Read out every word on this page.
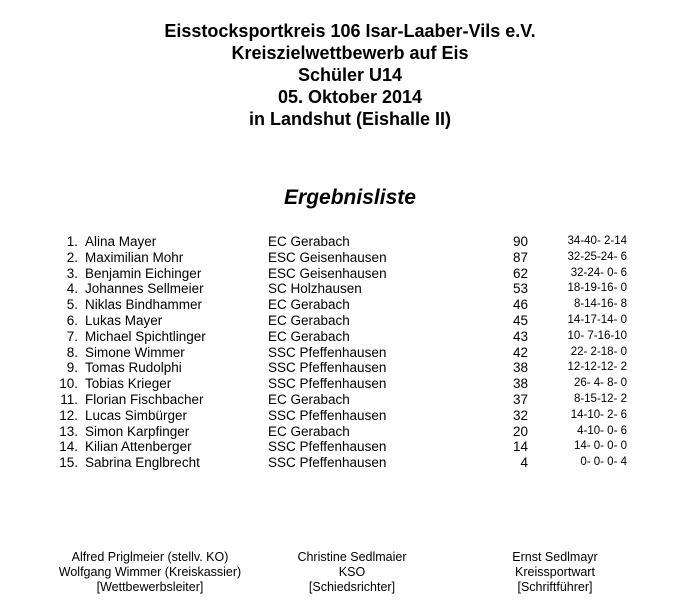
Eisstocksportkreis 106 Isar-Laaber-Vils e.V.
Kreiszielwettbewerb auf Eis
Schüler U14
05. Oktober 2014
in Landshut (Eishalle II)
Ergebnisliste
1. Alina Mayer	EC Gerabach	90	34-40- 2-14
2. Maximilian Mohr	ESC Geisenhausen	87	32-25-24- 6
3. Benjamin Eichinger	ESC Geisenhausen	62	32-24- 0- 6
4. Johannes Sellmeier	SC Holzhausen	53	18-19-16- 0
5. Niklas Bindhammer	EC Gerabach	46	8-14-16- 8
6. Lukas Mayer	EC Gerabach	45	14-17-14- 0
7. Michael Spichtlinger	EC Gerabach	43	10- 7-16-10
8. Simone Wimmer	SSC Pfeffenhausen	42	22- 2-18- 0
9. Tomas Rudolphi	SSC Pfeffenhausen	38	12-12-12- 2
10. Tobias Krieger	SSC Pfeffenhausen	38	26- 4- 8- 0
11. Florian Fischbacher	EC Gerabach	37	8-15-12- 2
12. Lucas Simbürger	SSC Pfeffenhausen	32	14-10- 2- 6
13. Simon Karpfinger	EC Gerabach	20	4-10- 0- 6
14. Kilian Attenberger	SSC Pfeffenhausen	14	14- 0- 0- 0
15. Sabrina Englbrecht	SSC Pfeffenhausen	4	0- 0- 0- 4
Alfred Priglmeier (stellv. KO)
Wolfgang Wimmer (Kreiskassier)
[Wettbewerbsleiter]
Christine Sedlmaier
KSO
[Schiedsrichter]
Ernst Sedlmayr
Kreissportwart
[Schriftführer]
